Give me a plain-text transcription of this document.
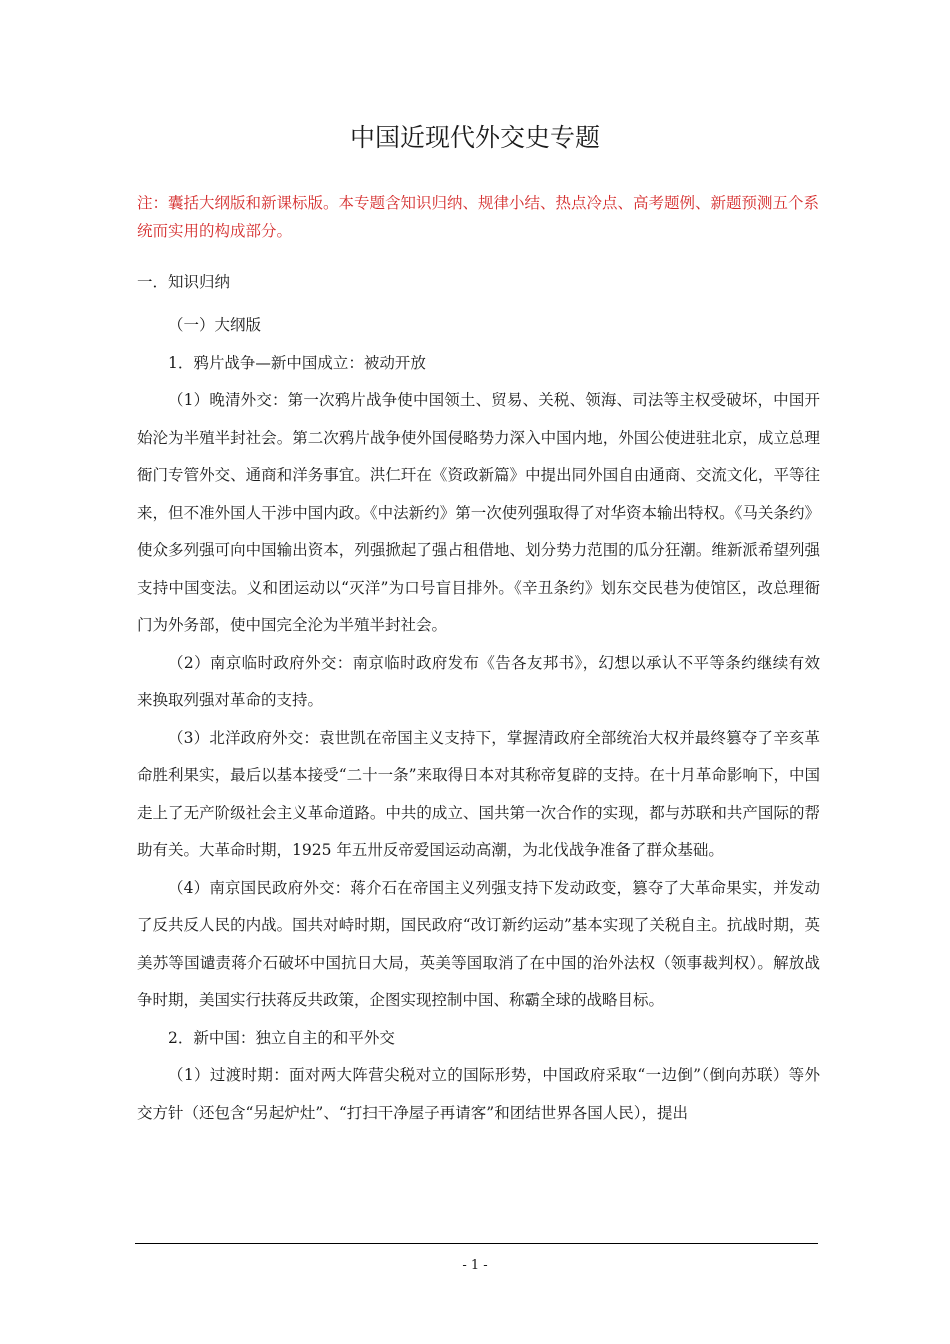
中国近现代外交史专题

注：囊括大纲版和新课标版。本专题含知识归纳、规律小结、热点冷点、高考题例、新题预测五个系统而实用的构成部分。

一．知识归纳

（一）大纲版

1．鸦片战争—新中国成立：被动开放

（1）晚清外交：第一次鸦片战争使中国领土、贸易、关税、领海、司法等主权受破坏，中国开始沦为半殖半封社会。第二次鸦片战争使外国侵略势力深入中国内地，外国公使进驻北京，成立总理衙门专管外交、通商和洋务事宜。洪仁玕在《资政新篇》中提出同外国自由通商、交流文化，平等往来，但不准外国人干涉中国内政。《中法新约》第一次使列强取得了对华资本输出特权。《马关条约》使众多列强可向中国输出资本，列强掀起了强占租借地、划分势力范围的瓜分狂潮。维新派希望列强支持中国变法。义和团运动以“灭洋”为口号盲目排外。《辛丑条约》划东交民巷为使馆区，改总理衙门为外务部，使中国完全沦为半殖半封社会。

（2）南京临时政府外交：南京临时政府发布《告各友邦书》，幻想以承认不平等条约继续有效来换取列强对革命的支持。

（3）北洋政府外交：袁世凯在帝国主义支持下，掌握清政府全部统治大权并最终篡夺了辛亥革命胜利果实，最后以基本接受“二十一条”来取得日本对其称帝复辟的支持。在十月革命影响下，中国走上了无产阶级社会主义革命道路。中共的成立、国共第一次合作的实现，都与苏联和共产国际的帮助有关。大革命时期，1925 年五卅反帝爱国运动高潮，为北伐战争准备了群众基础。

（4）南京国民政府外交：蒋介石在帝国主义列强支持下发动政变，篡夺了大革命果实，并发动了反共反人民的内战。国共对峙时期，国民政府“改订新约运动”基本实现了关税自主。抗战时期，英美苏等国谴责蒋介石破坏中国抗日大局，英美等国取消了在中国的治外法权（领事裁判权）。解放战争时期，美国实行扶蒋反共政策，企图实现控制中国、称霸全球的战略目标。

2．新中国：独立自主的和平外交

（1）过渡时期：面对两大阵营尖税对立的国际形势，中国政府采取“一边倒”（倒向苏联）等外交方针（还包含“另起炉灶”、“打扫干净屋子再请客”和团结世界各国人民），提出

- 1 -
